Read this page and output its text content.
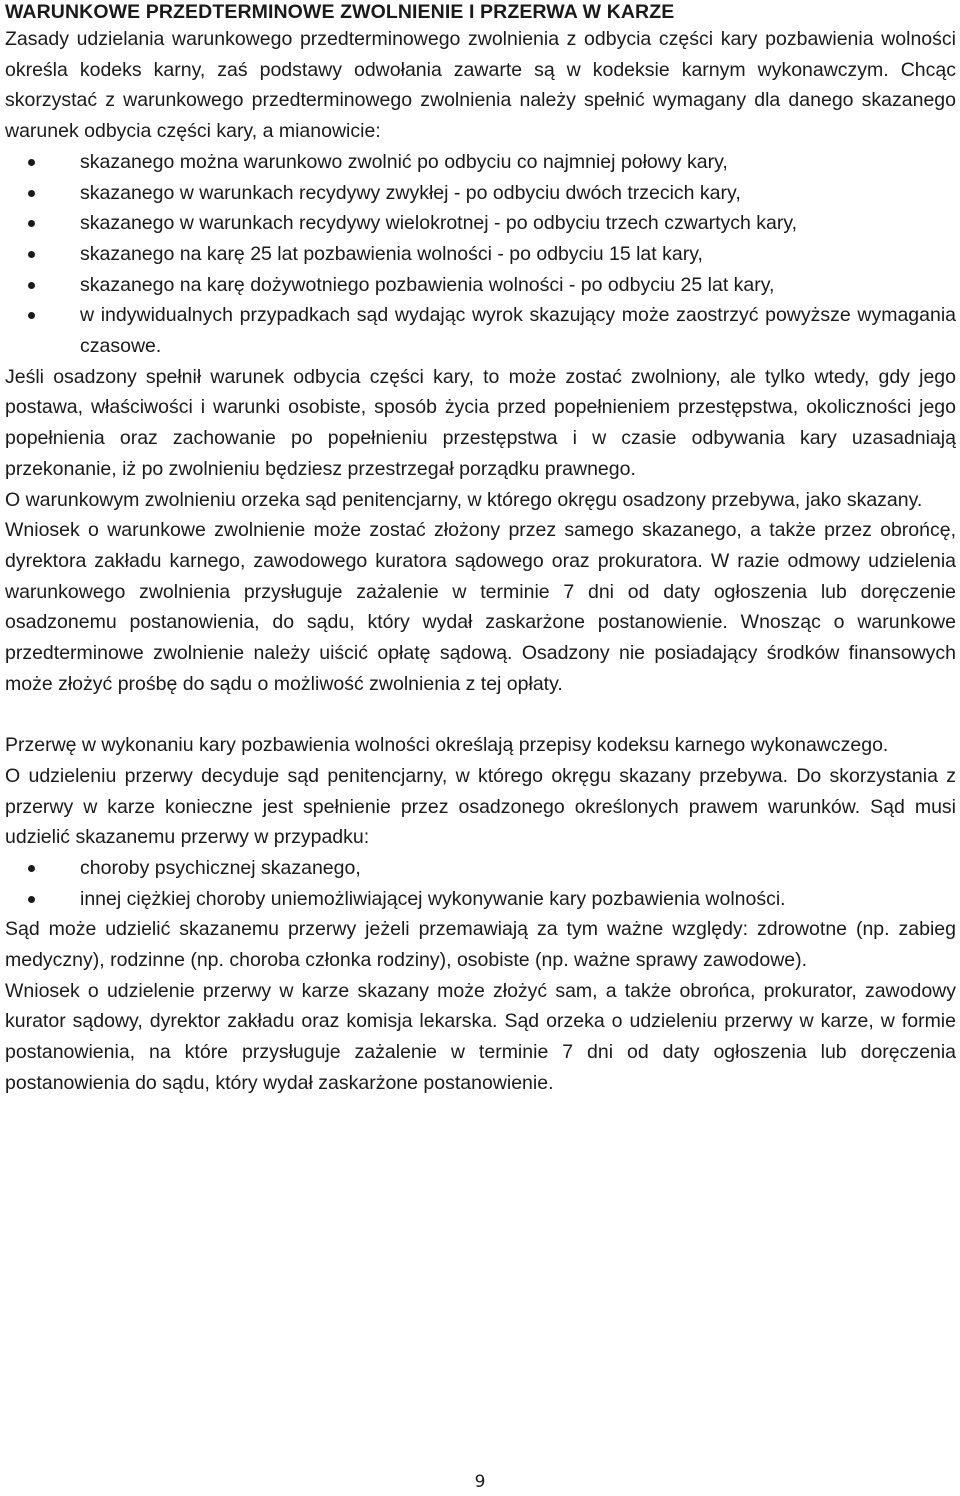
WARUNKOWE PRZEDTERMINOWE ZWOLNIENIE I PRZERWA W KARZE

Zasady udzielania warunkowego przedterminowego zwolnienia z odbycia części kary pozbawienia wolności określa kodeks karny, zaś podstawy odwołania zawarte są w kodeksie karnym wykonawczym. Chcąc skorzystać z warunkowego przedterminowego zwolnienia należy spełnić wymagany dla danego skazanego warunek odbycia części kary, a mianowicie:

skazanego można warunkowo zwolnić po odbyciu co najmniej połowy kary,
skazanego w warunkach recydywy zwykłej - po odbyciu dwóch trzecich kary,
skazanego w warunkach recydywy wielokrotnej - po odbyciu trzech czwartych kary,
skazanego na karę 25 lat pozbawienia wolności - po odbyciu 15 lat kary,
skazanego na karę dożywotniego pozbawienia wolności - po odbyciu 25 lat kary,
w indywidualnych przypadkach sąd wydając wyrok skazujący może zaostrzyć powyższe wymagania czasowe.

Jeśli osadzony spełnił warunek odbycia części kary, to może zostać zwolniony, ale tylko wtedy, gdy jego postawa, właściwości i warunki osobiste, sposób życia przed popełnieniem przestępstwa, okoliczności jego popełnienia oraz zachowanie po popełnieniu przestępstwa i w czasie odbywania kary uzasadniają przekonanie, iż po zwolnieniu będziesz przestrzegał porządku prawnego.

O warunkowym zwolnieniu orzeka sąd penitencjarny, w którego okręgu osadzony przebywa, jako skazany.

Wniosek o warunkowe zwolnienie może zostać złożony przez samego skazanego, a także przez obrońcę, dyrektora zakładu karnego, zawodowego kuratora sądowego oraz prokuratora. W razie odmowy udzielenia warunkowego zwolnienia przysługuje zażalenie w terminie 7 dni od daty ogłoszenia lub doręczenie osadzonemu postanowienia, do sądu, który wydał zaskarżone postanowienie. Wnosząc o warunkowe przedterminowe zwolnienie należy uiścić opłatę sądową. Osadzony nie posiadający środków finansowych może złożyć prośbę do sądu o możliwość zwolnienia z tej opłaty.

Przerwę w wykonaniu kary pozbawienia wolności określają przepisy kodeksu karnego wykonawczego.

O udzieleniu przerwy decyduje sąd penitencjarny, w którego okręgu skazany przebywa. Do skorzystania z przerwy w karze konieczne jest spełnienie przez osadzonego określonych prawem warunków. Sąd musi udzielić skazanemu przerwy w przypadku:

choroby psychicznej skazanego,
innej ciężkiej choroby uniemożliwiającej wykonywanie kary pozbawienia wolności.

Sąd może udzielić skazanemu przerwy jeżeli przemawiają za tym ważne względy: zdrowotne (np. zabieg medyczny), rodzinne (np. choroba członka rodziny), osobiste (np. ważne sprawy zawodowe).

Wniosek o udzielenie przerwy w karze skazany może złożyć sam, a także obrońca, prokurator, zawodowy kurator sądowy, dyrektor zakładu oraz komisja lekarska. Sąd orzeka o udzieleniu przerwy w karze, w formie postanowienia, na które przysługuje zażalenie w terminie 7 dni od daty ogłoszenia lub doręczenia postanowienia do sądu, który wydał zaskarżone postanowienie.

9
